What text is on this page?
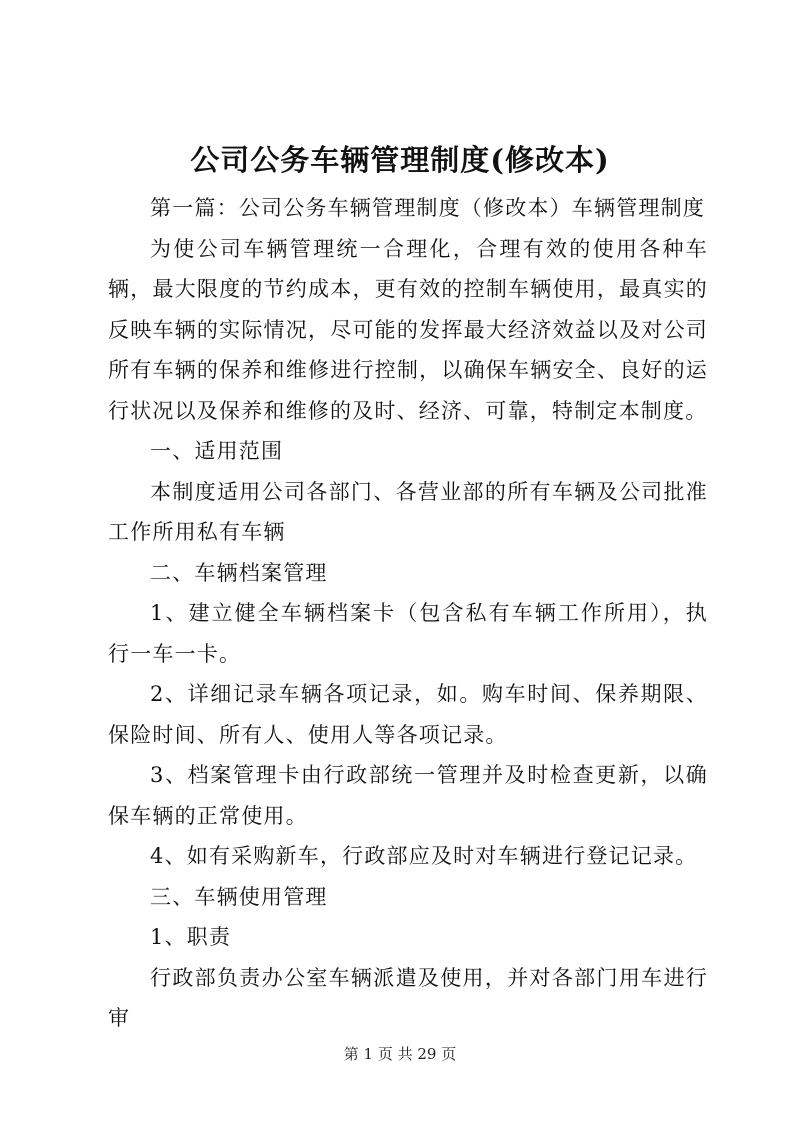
公司公务车辆管理制度(修改本)

第一篇：公司公务车辆管理制度（修改本）车辆管理制度

为使公司车辆管理统一合理化，合理有效的使用各种车辆，最大限度的节约成本，更有效的控制车辆使用，最真实的反映车辆的实际情况，尽可能的发挥最大经济效益以及对公司所有车辆的保养和维修进行控制，以确保车辆安全、良好的运行状况以及保养和维修的及时、经济、可靠，特制定本制度。

一、适用范围

本制度适用公司各部门、各营业部的所有车辆及公司批准工作所用私有车辆

二、车辆档案管理

1、建立健全车辆档案卡（包含私有车辆工作所用），执行一车一卡。

2、详细记录车辆各项记录，如。购车时间、保养期限、保险时间、所有人、使用人等各项记录。

3、档案管理卡由行政部统一管理并及时检查更新，以确保车辆的正常使用。

4、如有采购新车，行政部应及时对车辆进行登记记录。

三、车辆使用管理

1、职责

行政部负责办公室车辆派遣及使用，并对各部门用车进行审

第 1 页 共 29 页
